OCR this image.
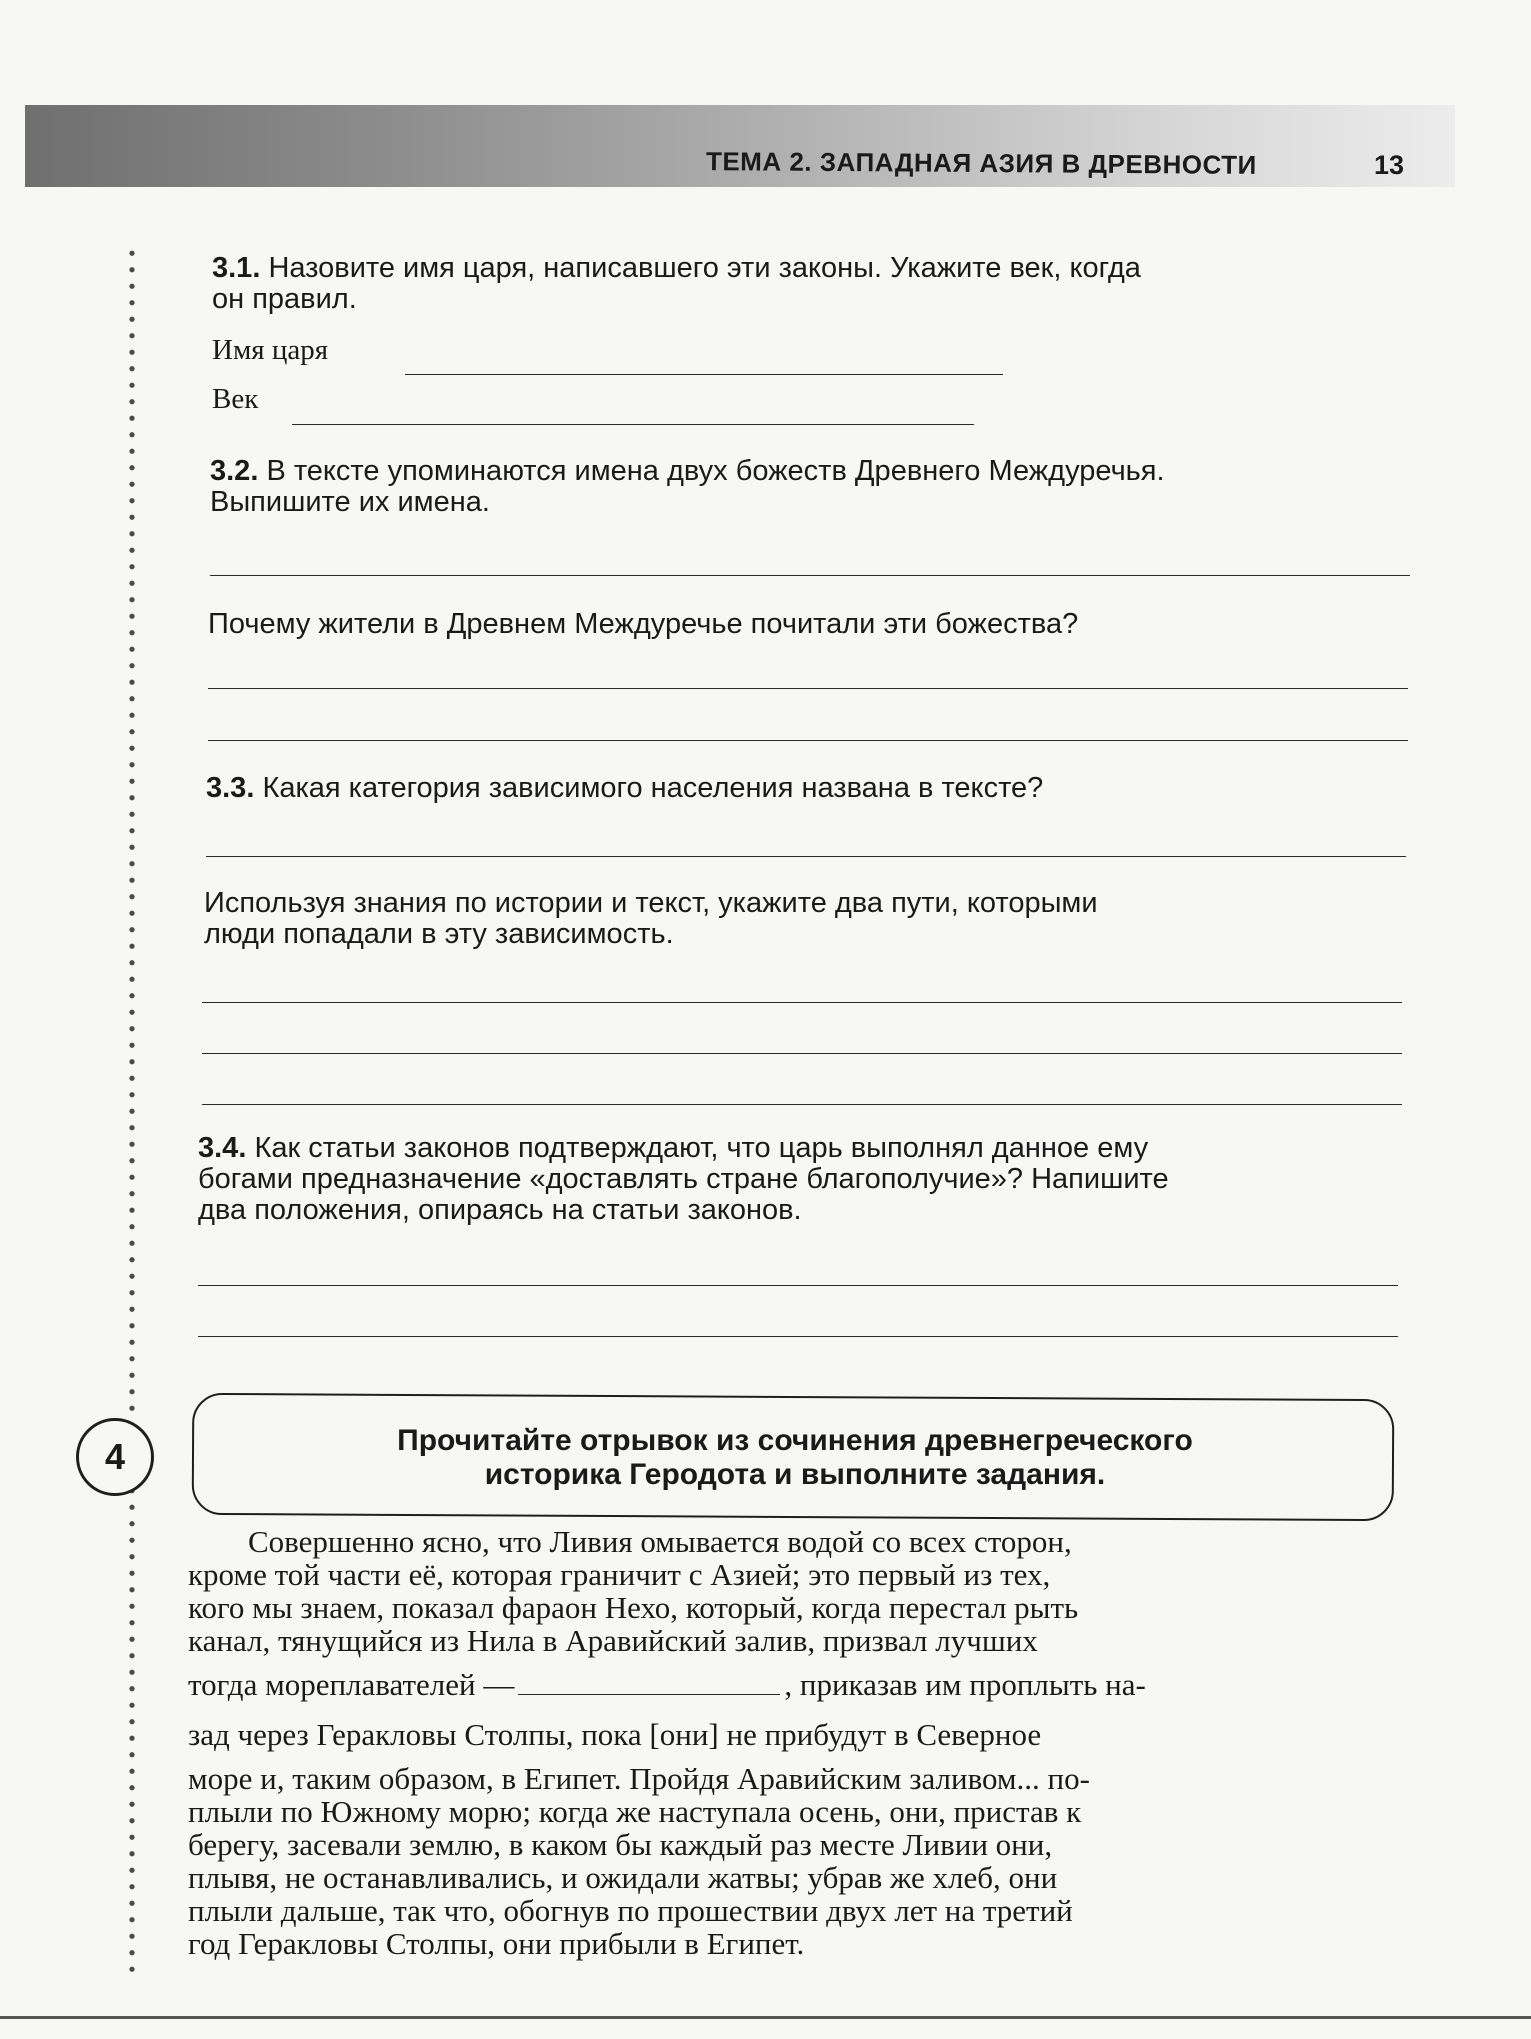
ТЕМА 2. ЗАПАДНАЯ АЗИЯ В ДРЕВНОСТИ	13
3.1. Назовите имя царя, написавшего эти законы. Укажите век, когда
он правил.
Имя царя
Век
3.2. В тексте упоминаются имена двух божеств Древнего Междуречья.
Выпишите их имена.
Почему жители в Древнем Междуречье почитали эти божества?
3.3. Какая категория зависимого населения названа в тексте?
Используя знания по истории и текст, укажите два пути, которыми
люди попадали в эту зависимость.
3.4. Как статьи законов подтверждают, что царь выполнял данное ему
богами предназначение «доставлять стране благополучие»? Напишите
два положения, опираясь на статьи законов.
4	Прочитайте отрывок из сочинения древнегреческого
историка Геродота и выполните задания.
Совершенно ясно, что Ливия омывается водой со всех сторон,
кроме той части её, которая граничит с Азией; это первый из тех,
кого мы знаем, показал фараон Нехо, который, когда перестал рыть
канал, тянущийся из Нила в Аравийский залив, призвал лучших
тогда мореплавателей —	, приказав им проплыть на-
зад через Геракловы Столпы, пока [они] не прибудут в Северное
море и, таким образом, в Египет. Пройдя Аравийским заливом... по-
плыли по Южному морю; когда же наступала осень, они, пристав к
берегу, засевали землю, в каком бы каждый раз месте Ливии они,
плывя, не останавливались, и ожидали жатвы; убрав же хлеб, они
плыли дальше, так что, обогнув по прошествии двух лет на третий
год Геракловы Столпы, они прибыли в Египет.
